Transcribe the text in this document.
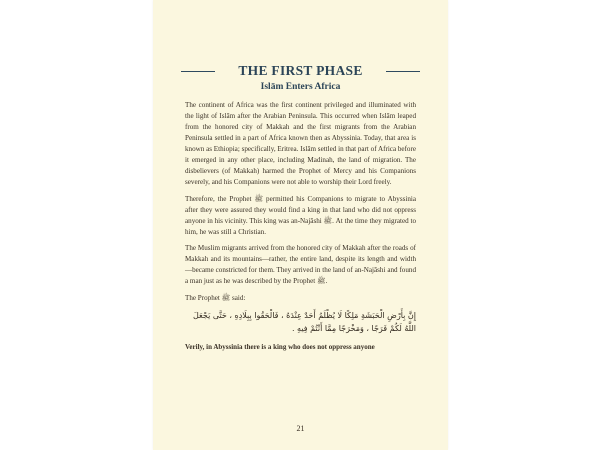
THE FIRST PHASE
Islām Enters Africa

The continent of Africa was the first continent privileged and illuminated with the light of Islām after the Arabian Peninsula. This occurred when Islām leaped from the honored city of Makkah and the first migrants from the Arabian Peninsula settled in a part of Africa known then as Abyssinia. Today, that area is known as Ethiopia; specifically, Eritrea. Islām settled in that part of Africa before it emerged in any other place, including Madinah, the land of migration. The disbelievers (of Makkah) harmed the Prophet of Mercy and his Companions severely, and his Companions were not able to worship their Lord freely.

Therefore, the Prophet ﷺ permitted his Companions to migrate to Abyssinia after they were assured they would find a king in that land who did not oppress anyone in his vicinity. This king was an-Najāshi ﷺ. At the time they migrated to him, he was still a Christian.

The Muslim migrants arrived from the honored city of Makkah after the roads of Makkah and its mountains—rather, the entire land, despite its length and width—became constricted for them. They arrived in the land of an-Najāshi and found a man just as he was described by the Prophet ﷺ.

The Prophet ﷺ said:

إِنَّ بِأَرْضِ الْحَبَشَةِ مَلِكًا لَا يُظْلَمُ أَحَدٌ عِنْدَهُ ، فَالْحَقُوا بِبِلَادِهِ ، حَتَّى يَجْعَلَ اللَّهُ لَكُمْ فَرَجًا ، وَمَخْرَجًا مِمَّا أَنْتُمْ فِيهِ .
Verily, in Abyssinia there is a king who does not oppress anyone
21
